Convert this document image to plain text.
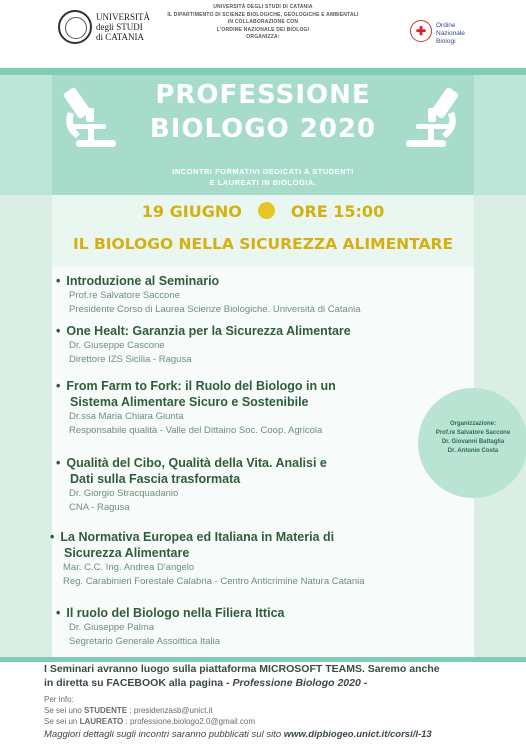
UNIVERSITÀ
degli STUDI
di CATANIA
UNIVERSITÀ DEGLI STUDI DI CATANIA
IL DIPARTIMENTO DI SCIENZE BIOLOGICHE, GEOLOGICHE E AMBIENTALI
IN COLLABORAZIONE CON
L'ORDINE NAZIONALE DEI BIOLOGI
ORGANIZZA:	✚ Ordine
Nazionale
Biologi
PROFESSIONE
BIOLOGO 2020
INCONTRI FORMATIVI DEDICATI A STUDENTI
E LAUREATI IN BIOLOGIA.
19 GIUGNO	ORE 15:00
IL BIOLOGO NELLA SICUREZZA ALIMENTARE
• Introduzione al Seminario
Prof.re Salvatore Saccone
Presidente Corso di Laurea Scienze Biologiche. Università di Catania
• One Healt: Garanzia per la Sicurezza Alimentare
Dr. Giuseppe Cascone
Direttore IZS Sicilia - Ragusa
• From Farm to Fork: il Ruolo del Biologo in un
Sistema Alimentare Sicuro e Sostenibile
Dr.ssa Maria Chiara Giunta
Responsabile qualità - Valle del Dittaino Soc. Coop. Agricola
• Qualità del Cibo, Qualità della Vita. Analisi e
Dati sulla Fascia trasformata
Dr. Giorgio Stracquadanio
CNA - Ragusa
• La Normativa Europea ed Italiana in Materia di
Sicurezza Alimentare
Mar. C.C. Ing. Andrea D'angelo
Reg. Carabinieri Forestale Calabria - Centro Anticrimine Natura Catania
• Il ruolo del Biologo nella Filiera Ittica
Dr. Giuseppe Palma
Segretario Generale Assoittica Italia
Organizzazione:
Prof.re Salvatore Saccone
Dr. Giovanni Battaglia
Dr. Antonio Costa
I Seminari avranno luogo sulla piattaforma MICROSOFT TEAMS. Saremo anche
in diretta su FACEBOOK alla pagina - Professione Biologo 2020 -
Per info:
Se sei uno STUDENTE : presidenzasb@unict.it
Se sei un LAUREATO : professione.biologo2.0@gmail.com
Maggiori dettagli sugli incontri saranno pubblicati sul sito www.dipbiogeo.unict.it/corsi/l-13
